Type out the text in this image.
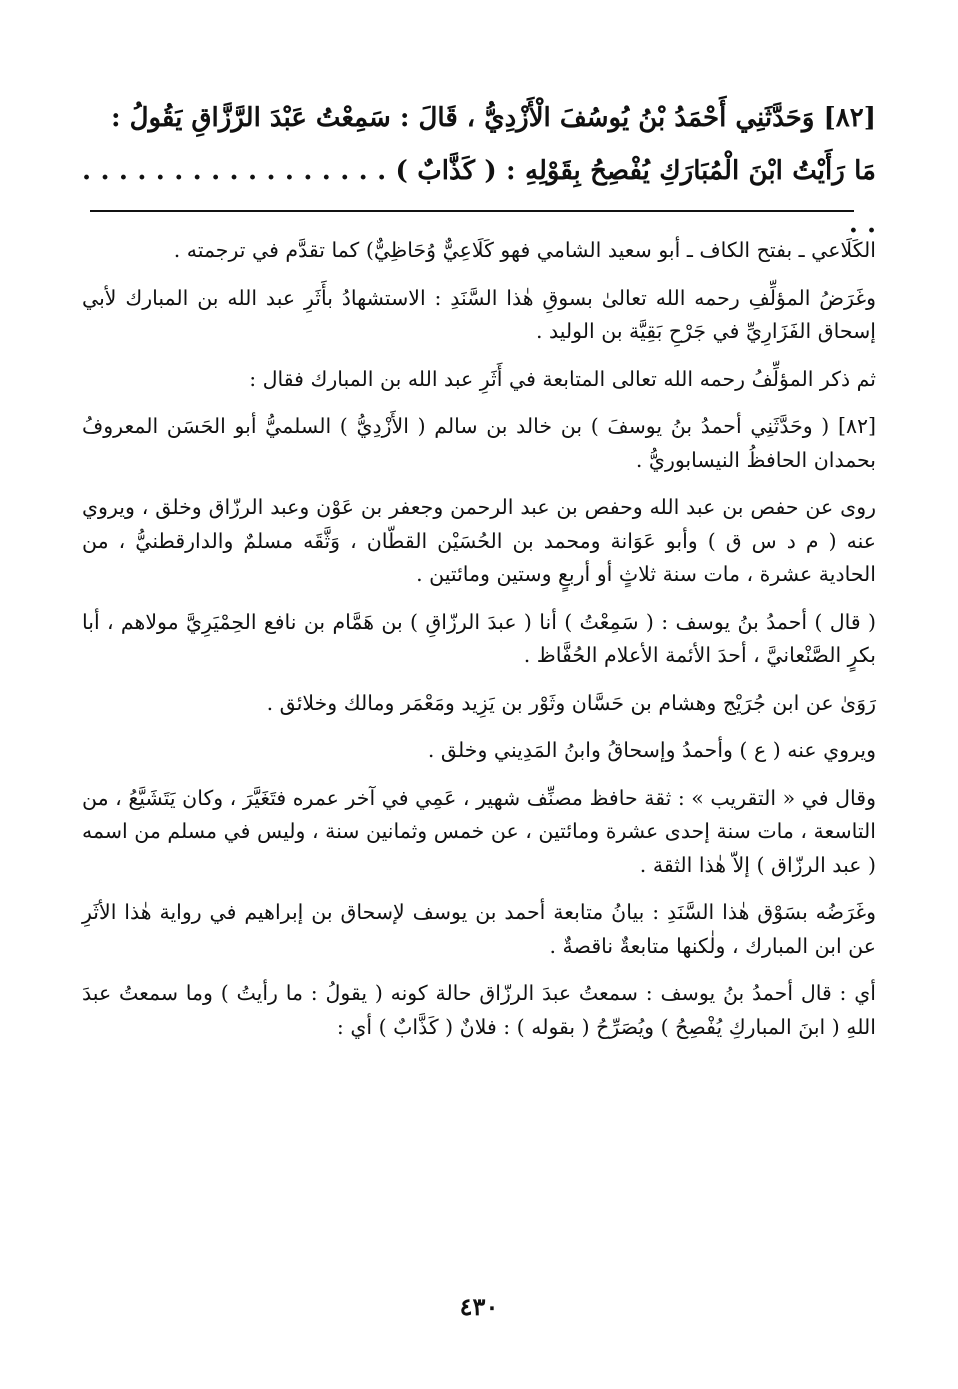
[٨٢] وَحَدَّثَنِي أَحْمَدُ بْنُ يُوسُفَ الْأَزْدِيُّ ، قَالَ : سَمِعْتُ عَبْدَ الرَّزَّاقِ يَقُولُ :

مَا رَأَيْتُ ابْنَ الْمُبَارَكِ يُفْصِحُ بِقَوْلِهِ : ( كَذَّابٌ ) . . . . . . . . . . . . . . . . . . .

الكَلَاعي ـ بفتح الكاف ـ أبو سعيد الشامي فهو كَلَاعِيٌّ وُحَاظِيٌّ) كما تقدَّم في ترجمته .

وغَرَضُ المؤلِّفِ رحمه الله تعالىٰ بسوقِ هٰذا السَّنَدِ : الاستشهادُ بأَثَرِ عبد الله بن المبارك لأبي إسحاق الفَزَارِيِّ في جَرْحِ بَقِيَّة بن الوليد .

ثم ذكر المؤلِّفُ رحمه الله تعالى المتابعة في أَثَرِ عبد الله بن المبارك فقال :

[٨٢] ( وحَدَّثَنِي أحمدُ بنُ يوسفَ ) بن خالد بن سالم ( الأَزْدِيُّ ) السلميُّ أبو الحَسَن المعروفُ بحمدان الحافظُ النيسابوريُّ .

روى عن حفص بن عبد الله وحفص بن عبد الرحمن وجعفر بن عَوْن وعبد الرزّاق وخلق ، ويروي عنه ( م د س ق ) وأبو عَوَانة ومحمد بن الحُسَيْن القطّان ، وَثَّقَه مسلمٌ والدارقطنيُّ ، من الحادية عشرة ، مات سنة ثلاثٍ أو أربعٍ وستين ومائتين .

( قال ) أحمدُ بنُ يوسف : ( سَمِعْتُ ) أنا ( عبدَ الرزّاقِ ) بن هَمَّام بن نافع الحِمْيَرِيَّ مولاهم ، أبا بكرٍ الصَّنْعانيَّ ، أحدَ الأئمة الأعلام الحُفَّاظ .

رَوَىٰ عن ابن جُرَيْج وهشام بن حَسَّان وثَوْر بن يَزِيد ومَعْمَر ومالك وخلائق .

ويروي عنه ( ع ) وأحمدُ وإسحاقُ وابنُ المَدِيني وخلق .

وقال في « التقريب » : ثقة حافظ مصنِّف شهير ، عَمِي في آخر عمره فتَغَيَّرَ ، وكان يَتَشَيَّعُ ، من التاسعة ، مات سنة إحدى عشرة ومائتين ، عن خمس وثمانين سنة ، وليس في مسلم من اسمه ( عبد الرزّاق ) إلاّ هٰذا الثقة .

وغَرَضُه بسَوْق هٰذا السَّنَدِ : بيانُ متابعة أحمد بن يوسف لإسحاق بن إبراهيم في رواية هٰذا الأثَرِ عن ابن المبارك ، ولٰكنها متابعةٌ ناقصةٌ .

أي : قال أحمدُ بنُ يوسف : سمعتُ عبدَ الرزّاق حالة كونه ( يقولُ : ما رأيتُ ) وما سمعتُ عبدَ اللهِ ( ابنَ المباركِ يُفْصِحُ ) ويُصَرِّحُ ( بقوله ) : فلانٌ ( كَذَّابٌ ) أي :

٤٣٠
